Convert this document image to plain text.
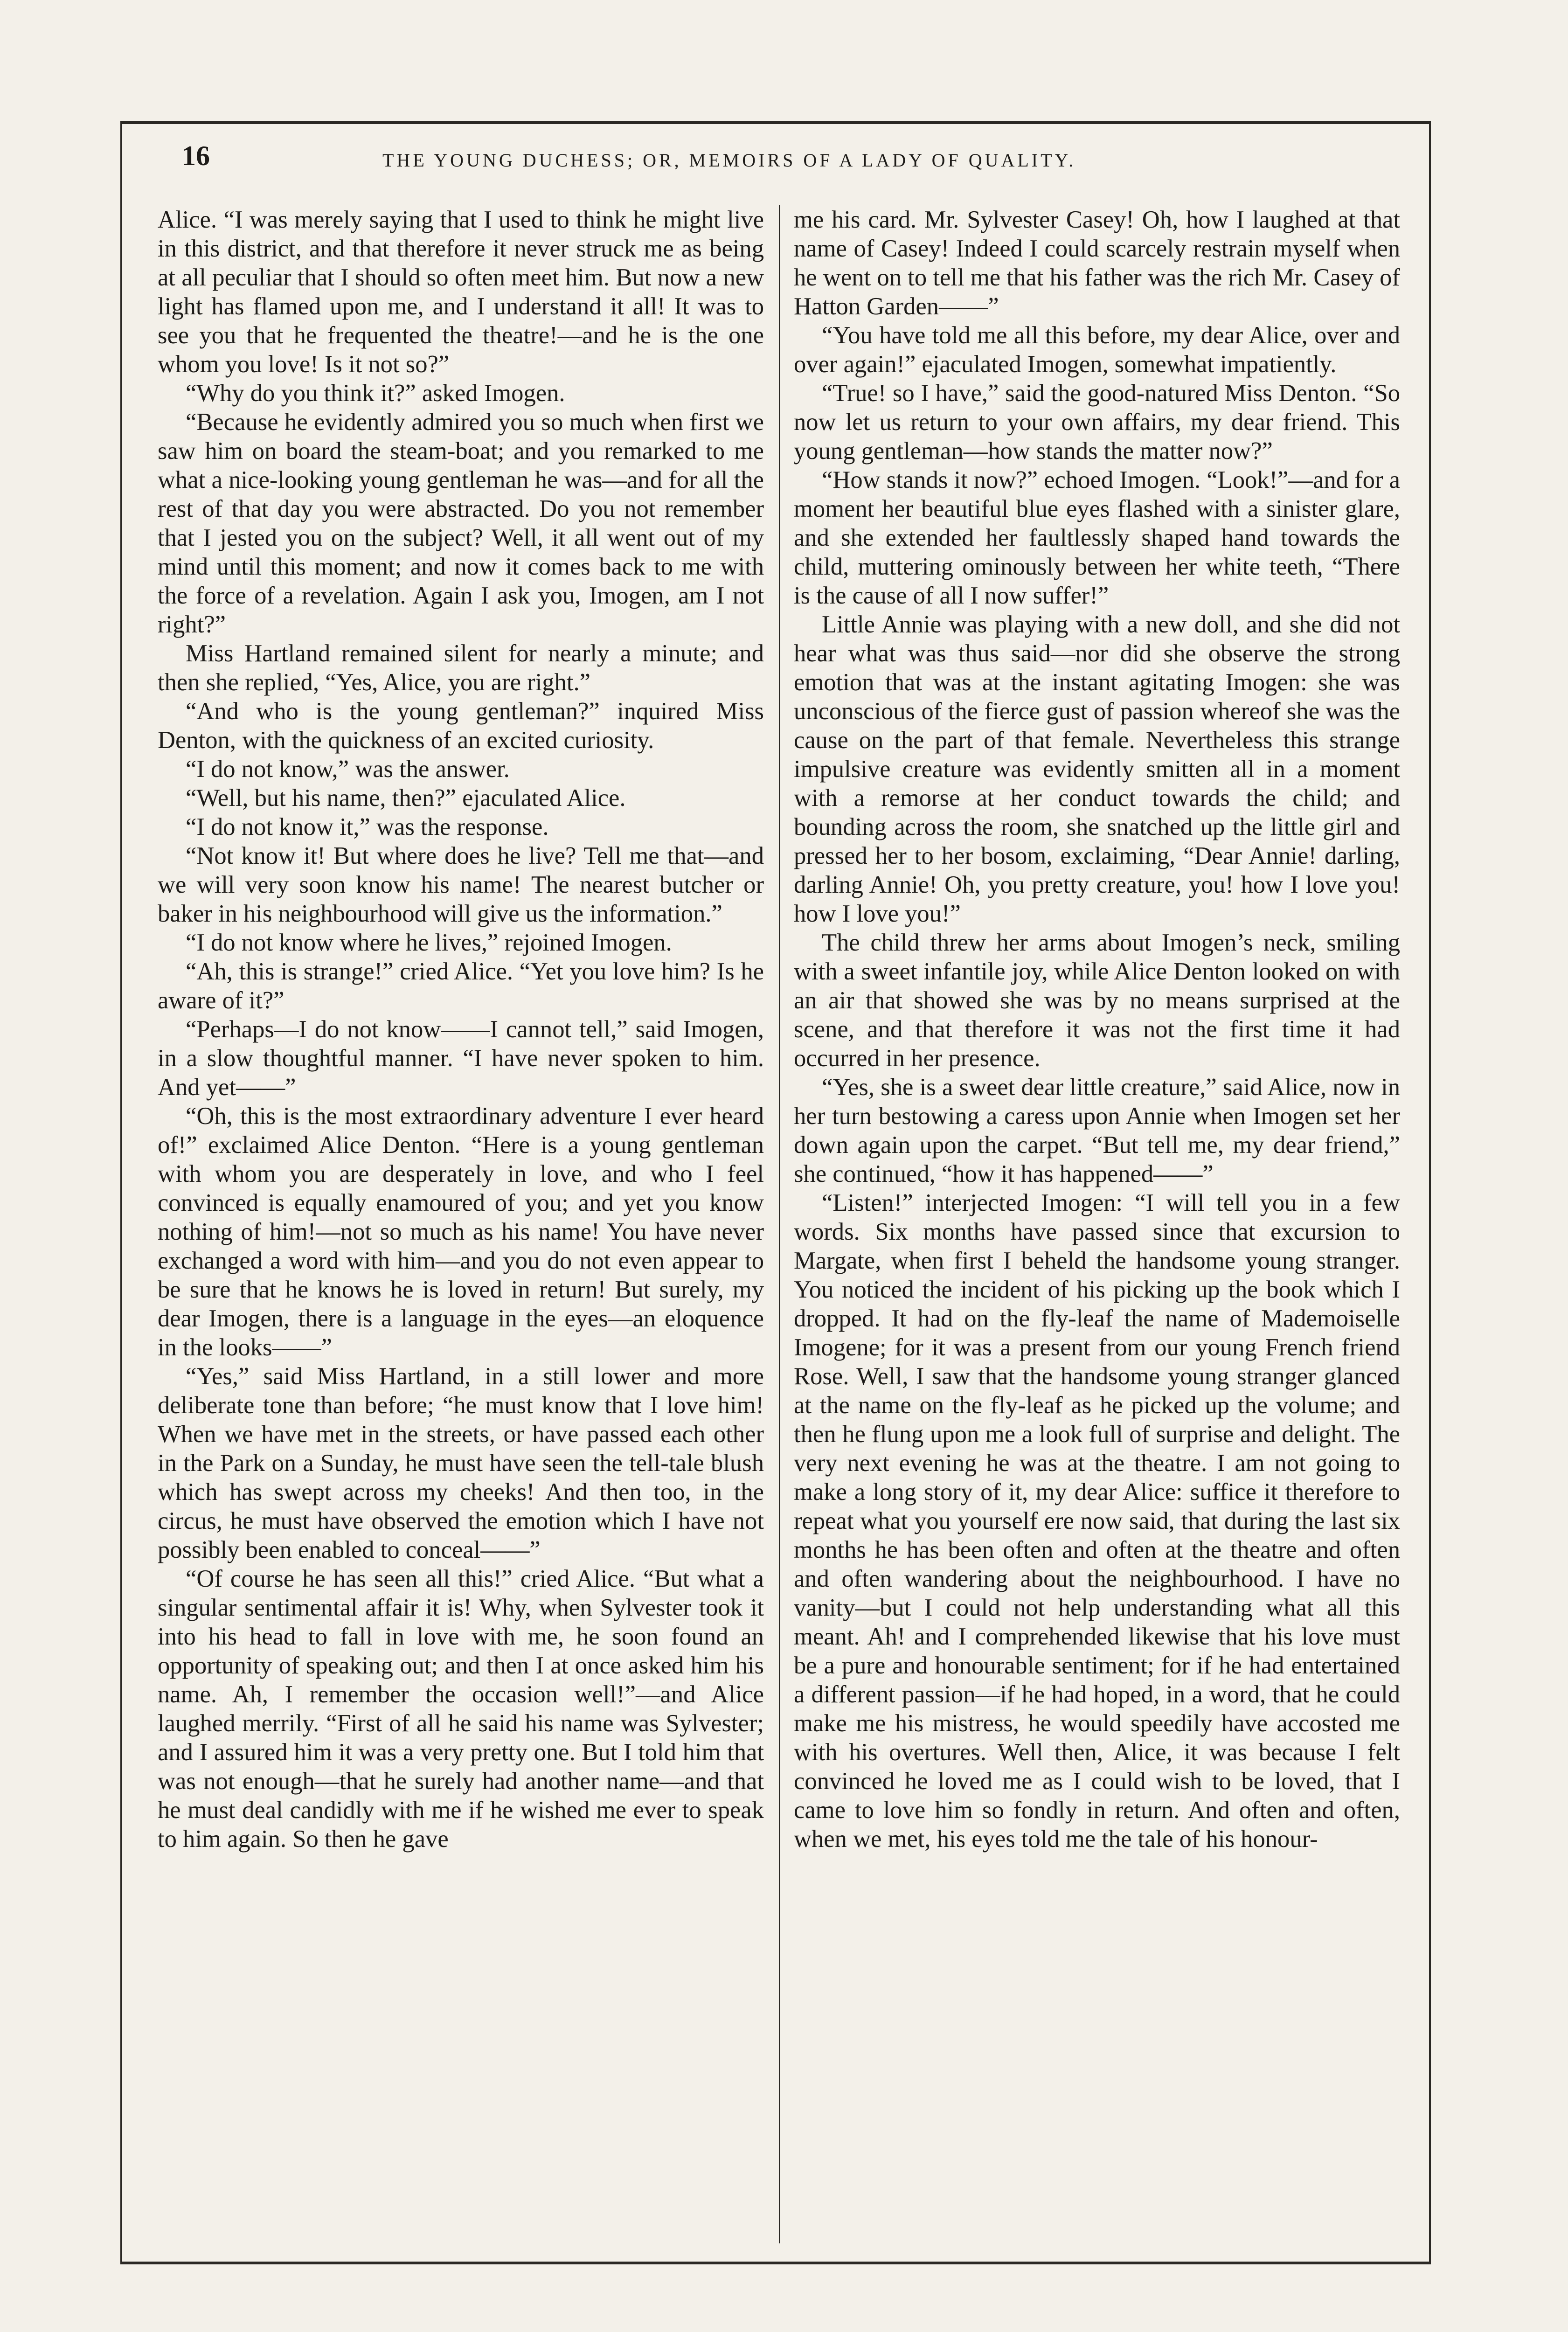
16	THE YOUNG DUCHESS; OR, MEMOIRS OF A LADY OF QUALITY.

Alice. “I was merely saying that I used to think he might live in this district, and that therefore it never struck me as being at all peculiar that I should so often meet him. But now a new light has flamed upon me, and I understand it all! It was to see you that he frequented the theatre!—and he is the one whom you love! Is it not so?”

“Why do you think it?” asked Imogen.

“Because he evidently admired you so much when first we saw him on board the steam-boat; and you remarked to me what a nice-looking young gentleman he was—and for all the rest of that day you were abstracted. Do you not remember that I jested you on the subject? Well, it all went out of my mind until this moment; and now it comes back to me with the force of a revelation. Again I ask you, Imogen, am I not right?”

Miss Hartland remained silent for nearly a minute; and then she replied, “Yes, Alice, you are right.”

“And who is the young gentleman?” inquired Miss Denton, with the quickness of an excited curiosity.

“I do not know,” was the answer.

“Well, but his name, then?” ejaculated Alice.

“I do not know it,” was the response.

“Not know it! But where does he live? Tell me that—and we will very soon know his name! The nearest butcher or baker in his neighbourhood will give us the information.”

“I do not know where he lives,” rejoined Imogen.

“Ah, this is strange!” cried Alice. “Yet you love him? Is he aware of it?”

“Perhaps—I do not know——I cannot tell,” said Imogen, in a slow thoughtful manner. “I have never spoken to him. And yet——”

“Oh, this is the most extraordinary adventure I ever heard of!” exclaimed Alice Denton. “Here is a young gentleman with whom you are desperately in love, and who I feel convinced is equally enamoured of you; and yet you know nothing of him!—not so much as his name! You have never exchanged a word with him—and you do not even appear to be sure that he knows he is loved in return! But surely, my dear Imogen, there is a language in the eyes—an eloquence in the looks——”

“Yes,” said Miss Hartland, in a still lower and more deliberate tone than before; “he must know that I love him! When we have met in the streets, or have passed each other in the Park on a Sunday, he must have seen the tell-tale blush which has swept across my cheeks! And then too, in the circus, he must have observed the emotion which I have not possibly been enabled to conceal——”

“Of course he has seen all this!” cried Alice. “But what a singular sentimental affair it is! Why, when Sylvester took it into his head to fall in love with me, he soon found an opportunity of speaking out; and then I at once asked him his name. Ah, I remember the occasion well!”—and Alice laughed merrily. “First of all he said his name was Sylvester; and I assured him it was a very pretty one. But I told him that was not enough—that he surely had another name—and that he must deal candidly with me if he wished me ever to speak to him again. So then he gave

me his card. Mr. Sylvester Casey! Oh, how I laughed at that name of Casey! Indeed I could scarcely restrain myself when he went on to tell me that his father was the rich Mr. Casey of Hatton Garden——”

“You have told me all this before, my dear Alice, over and over again!” ejaculated Imogen, somewhat impatiently.

“True! so I have,” said the good-natured Miss Denton. “So now let us return to your own affairs, my dear friend. This young gentleman—how stands the matter now?”

“How stands it now?” echoed Imogen. “Look!”—and for a moment her beautiful blue eyes flashed with a sinister glare, and she extended her faultlessly shaped hand towards the child, muttering ominously between her white teeth, “There is the cause of all I now suffer!”

Little Annie was playing with a new doll, and she did not hear what was thus said—nor did she observe the strong emotion that was at the instant agitating Imogen: she was unconscious of the fierce gust of passion whereof she was the cause on the part of that female. Nevertheless this strange impulsive creature was evidently smitten all in a moment with a remorse at her conduct towards the child; and bounding across the room, she snatched up the little girl and pressed her to her bosom, exclaiming, “Dear Annie! darling, darling Annie! Oh, you pretty creature, you! how I love you! how I love you!”

The child threw her arms about Imogen’s neck, smiling with a sweet infantile joy, while Alice Denton looked on with an air that showed she was by no means surprised at the scene, and that therefore it was not the first time it had occurred in her presence.

“Yes, she is a sweet dear little creature,” said Alice, now in her turn bestowing a caress upon Annie when Imogen set her down again upon the carpet. “But tell me, my dear friend,” she continued, “how it has happened——”

“Listen!” interjected Imogen: “I will tell you in a few words. Six months have passed since that excursion to Margate, when first I beheld the handsome young stranger. You noticed the incident of his picking up the book which I dropped. It had on the fly-leaf the name of Mademoiselle Imogene; for it was a present from our young French friend Rose. Well, I saw that the handsome young stranger glanced at the name on the fly-leaf as he picked up the volume; and then he flung upon me a look full of surprise and delight. The very next evening he was at the theatre. I am not going to make a long story of it, my dear Alice: suffice it therefore to repeat what you yourself ere now said, that during the last six months he has been often and often at the theatre and often and often wandering about the neighbourhood. I have no vanity—but I could not help understanding what all this meant. Ah! and I comprehended likewise that his love must be a pure and honourable sentiment; for if he had entertained a different passion—if he had hoped, in a word, that he could make me his mistress, he would speedily have accosted me with his overtures. Well then, Alice, it was because I felt convinced he loved me as I could wish to be loved, that I came to love him so fondly in return. And often and often, when we met, his eyes told me the tale of his honour-
